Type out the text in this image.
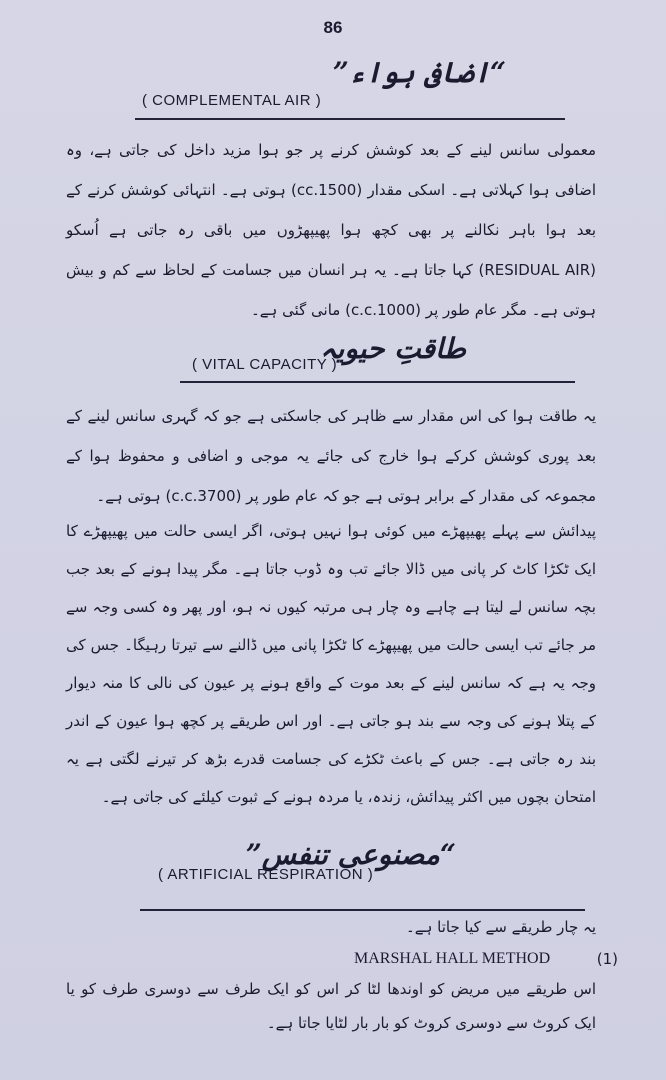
86
“اضافی ہواء”
( COMPLEMENTAL AIR )
معمولی سانس لینے کے بعد کوشش کرنے پر جو ہوا مزید داخل کی جاتی ہے، وہ اضافی ہوا کہلاتی ہے۔ اسکی مقدار (1500.cc) ہوتی ہے۔ انتہائی کوشش کرنے کے بعد ہوا باہر نکالنے پر بھی کچھ ہوا پھیپھڑوں میں باقی رہ جاتی ہے اُسکو (RESIDUAL AIR) کہا جاتا ہے۔ یہ ہر انسان میں جسامت کے لحاظ سے کم و بیش ہوتی ہے۔ مگر عام طور پر (1000.c.c) مانی گئی ہے۔
طاقتِ حیویہ
( VITAL CAPACITY )
یہ طاقت ہوا کی اس مقدار سے ظاہر کی جاسکتی ہے جو کہ گہری سانس لینے کے بعد پوری کوشش کرکے ہوا خارج کی جائے یہ موجی و اضافی و محفوظ ہوا کے مجموعہ کی مقدار کے برابر ہوتی ہے جو کہ عام طور پر (3700.c.c) ہوتی ہے۔
پیدائش سے پہلے پھیپھڑے میں کوئی ہوا نہیں ہوتی، اگر ایسی حالت میں پھیپھڑے کا ایک ٹکڑا کاٹ کر پانی میں ڈالا جائے تب وہ ڈوب جاتا ہے۔ مگر پیدا ہونے کے بعد جب بچہ سانس لے لیتا ہے چاہے وہ چار ہی مرتبہ کیوں نہ ہو، اور پھر وہ کسی وجہ سے مر جائے تب ایسی حالت میں پھیپھڑے کا ٹکڑا پانی میں ڈالنے سے تیرتا رہیگا۔ جس کی وجہ یہ ہے کہ سانس لینے کے بعد موت کے واقع ہونے پر عیون کی نالی کا منہ دیوار کے پتلا ہونے کی وجہ سے بند ہو جاتی ہے۔ اور اس طریقے پر کچھ ہوا عیون کے اندر بند رہ جاتی ہے۔ جس کے باعث ٹکڑے کی جسامت قدرے بڑھ کر تیرنے لگتی ہے یہ امتحان بچوں میں اکثر پیدائش، زندہ، یا مردہ ہونے کے ثبوت کیلئے کی جاتی ہے۔
“مصنوعی تنفس”
( ARTIFICIAL RESPIRATION )
یہ چار طریقے سے کیا جاتا ہے۔
(1)
MARSHAL HALL METHOD
اس طریقے میں مریض کو اوندھا لٹا کر اس کو ایک طرف سے دوسری طرف کو یا ایک کروٹ سے دوسری کروٹ کو بار بار لٹایا جاتا ہے۔
